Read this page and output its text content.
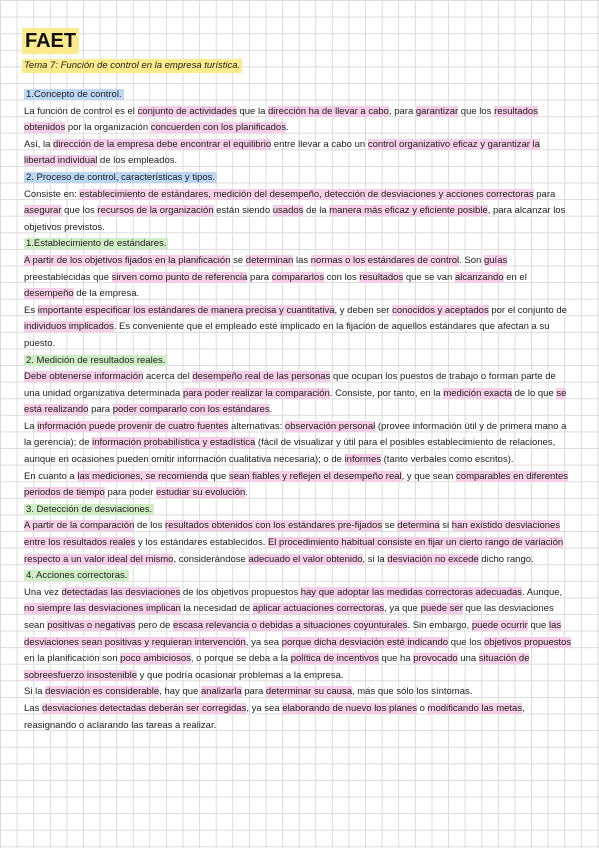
FAET
Tema 7: Función de control en la empresa turística.

1.Concepto de control.

La función de control es el conjunto de actividades que la dirección ha de llevar a cabo, para garantizar que los resultados obtenidos por la organización concuerden con los planificados.

Así, la dirección de la empresa debe encontrar el equilibrio entre llevar a cabo un control organizativo eficaz y garantizar la libertad individual de los empleados.

2. Proceso de control, características y tipos.

Consiste en: establecimiento de estándares, medición del desempeño, detección de desviaciones y acciones correctoras para asegurar que los recursos de la organización están siendo usados de la manera más eficaz y eficiente posible, para alcanzar los objetivos previstos.

1.Establecimiento de estándares.

A partir de los objetivos fijados en la planificación se determinan las normas o los estándares de control. Son guías preestablecidas que sirven como punto de referencia para compararlos con los resultados que se van alcanzando en el desempeño de la empresa.

Es importante especificar los estándares de manera precisa y cuantitativa, y deben ser conocidos y aceptados por el conjunto de individuos implicados. Es conveniente que el empleado esté implicado en la fijación de aquellos estándares que afectan a su puesto.

2. Medición de resultados reales.

Debe obtenerse información acerca del desempeño real de las personas que ocupan los puestos de trabajo o forman parte de una unidad organizativa determinada para poder realizar la comparación. Consiste, por tanto, en la medición exacta de lo que se está realizando para poder compararlo con los estándares.

La información puede provenir de cuatro fuentes alternativas: observación personal (provee información útil y de primera mano a la gerencia); de información probabilística y estadística (fácil de visualizar y útil para el posibles establecimiento de relaciones, aunque en ocasiones pueden omitir información cualitativa necesaria); o de informes (tanto verbales como escritos).

En cuanto a las mediciones, se recomienda que sean fiables y reflejen el desempeño real, y que sean comparables en diferentes periodos de tiempo para poder estudiar su evolución.

3. Detección de desviaciones.

A partir de la comparación de los resultados obtenidos con los estándares pre-fijados se determina si han existido desviaciones entre los resultados reales y los estándares establecidos. El procedimiento habitual consiste en fijar un cierto rango de variación respecto a un valor ideal del mismo, considerándose adecuado el valor obtenido, si la desviación no excede dicho rango.

4. Acciones correctoras.

Una vez detectadas las desviaciones de los objetivos propuestos hay que adoptar las medidas correctoras adecuadas. Aunque, no siempre las desviaciones implican la necesidad de aplicar actuaciones correctoras, ya que puede ser que las desviaciones sean positivas o negativas pero de escasa relevancia o debidas a situaciones coyunturales. Sin embargo, puede ocurrir que las desviaciones sean positivas y requieran intervención, ya sea porque dicha desviación esté indicando que los objetivos propuestos en la planificación son poco ambiciosos, o porque se deba a la política de incentivos que ha provocado una situación de sobreesfuerzo insostenible y que podría ocasionar problemas a la empresa.

Si la desviación es considerable, hay que analizarla para determinar su causa, más que sólo los síntomas.

Las desviaciones detectadas deberán ser corregidas, ya sea elaborando de nuevo los planes o modificando las metas, reasignando o aclarando las tareas a realizar.
